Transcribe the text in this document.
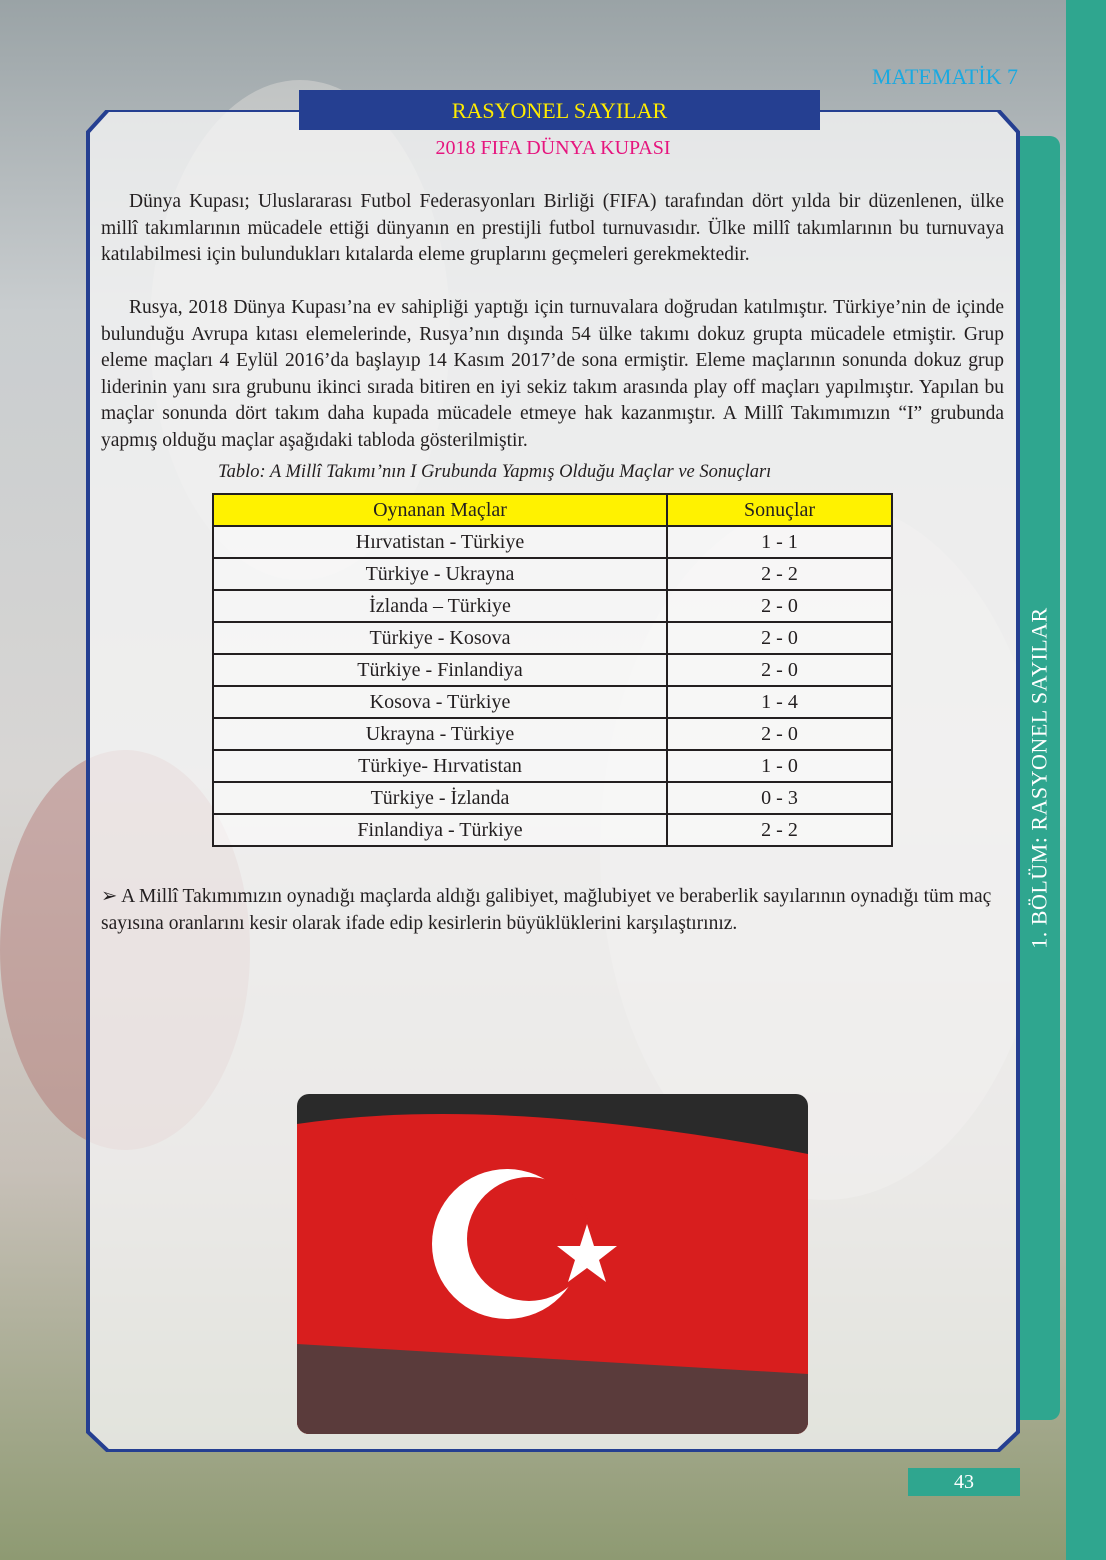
1. BÖLÜM: RASYONEL SAYILAR
MATEMATİK 7
RASYONEL SAYILAR
2018 FIFA DÜNYA KUPASI
Dünya Kupası; Uluslararası Futbol Federasyonları Birliği (FIFA) tarafından dört yılda bir düzenlenen, ülke millî takımlarının mücadele ettiği dünyanın en prestijli futbol turnuvasıdır. Ülke millî takımlarının bu turnuvaya katılabilmesi için bulundukları kıtalarda eleme gruplarını geçmeleri gerekmektedir.
Rusya, 2018 Dünya Kupası’na ev sahipliği yaptığı için turnuvalara doğrudan katılmıştır. Türkiye’nin de içinde bulunduğu Avrupa kıtası elemelerinde, Rusya’nın dışında 54 ülke takımı dokuz grupta mücadele etmiştir. Grup eleme maçları 4 Eylül 2016’da başlayıp 14 Kasım 2017’de sona ermiştir. Eleme maçlarının sonunda dokuz grup liderinin yanı sıra grubunu ikinci sırada bitiren en iyi sekiz takım arasında play off maçları yapılmıştır. Yapılan bu maçlar sonunda dört takım daha kupada mücadele etmeye hak kazanmıştır. A Millî Takımımızın “I” grubunda yapmış olduğu maçlar aşağıdaki tabloda gösterilmiştir.
Tablo: A Millî Takımı’nın I Grubunda Yapmış Olduğu Maçlar ve Sonuçları
Oynanan Maçlar	Sonuçlar
Hırvatistan - Türkiye	1 - 1
Türkiye - Ukrayna	2 - 2
İzlanda – Türkiye	2 - 0
Türkiye - Kosova	2 - 0
Türkiye - Finlandiya	2 - 0
Kosova - Türkiye	1 - 4
Ukrayna - Türkiye	2 - 0
Türkiye- Hırvatistan	1 - 0
Türkiye - İzlanda	0 - 3
Finlandiya - Türkiye	2 - 2
➢ A Millî Takımımızın oynadığı maçlarda aldığı galibiyet, mağlubiyet ve beraberlik sayılarının oynadığı tüm maç sayısına oranlarını kesir olarak ifade edip kesirlerin büyüklüklerini karşılaştırınız.
43
